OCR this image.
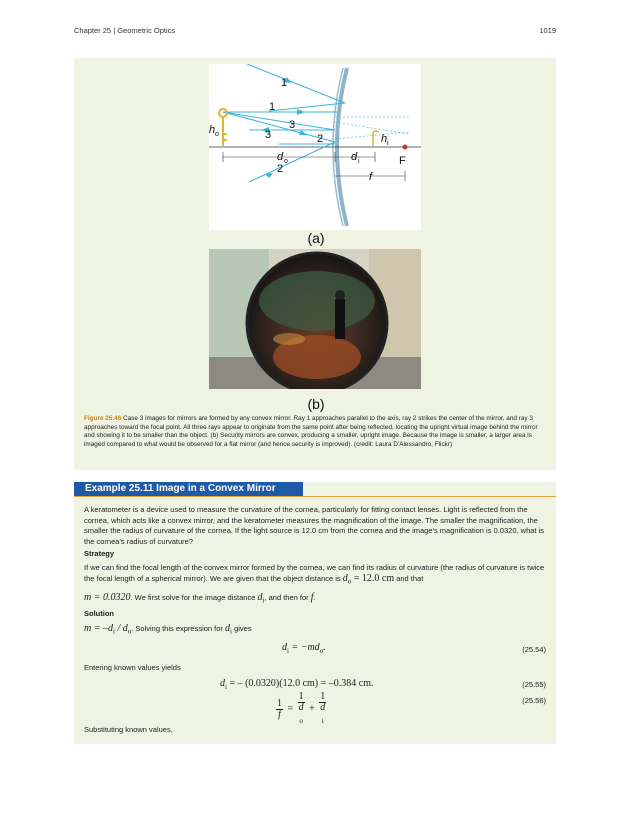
Chapter 25 | Geometric Optics	1019
1
1
3
3	2
2
h o	h i
d o	d i	F
f
(a)
(b)
Figure 25.46 Case 3 images for mirrors are formed by any convex mirror. Ray 1 approaches parallel to the axis, ray 2 strikes the center of the mirror, and ray 3 approaches toward the focal point. All three rays appear to originate from the same point after being reflected, locating the upright virtual image behind the mirror and showing it to be smaller than the object. (b) Security mirrors are convex, producing a smaller, upright image. Because the image is smaller, a larger area is imaged compared to what would be observed for a flat mirror (and hence security is improved). (credit: Laura D'Alessandro, Flickr)
Example 25.11 Image in a Convex Mirror
A keratometer is a device used to measure the curvature of the cornea, particularly for fitting contact lenses. Light is reflected from the cornea, which acts like a convex mirror, and the keratometer measures the magnification of the image. The smaller the magnification, the smaller the radius of curvature of the cornea. If the light source is 12.0 cm from the cornea and the image's magnification is 0.0320, what is the cornea's radius of curvature?
Strategy
If we can find the focal length of the convex mirror formed by the cornea, we can find its radius of curvature (the radius of curvature is twice the focal length of a spherical mirror). We are given that the object distance is $d_o = 12.0$ cm and that
m = 0.0320. We first solve for the image distance $d_i$, and then for f.
Solution
$m = -d_i / d_o$. Solving this expression for $d_i$ gives
$d_i = -md_o$.	(25.54)
Entering known values yields
$d_i$ = – (0.0320)(12.0 cm) = –0.384 cm.	(25.55)
$\frac{1}{f} = 1$
d
$_o$ + 1
d
$_i$	(25.56)
Substituting known values,
